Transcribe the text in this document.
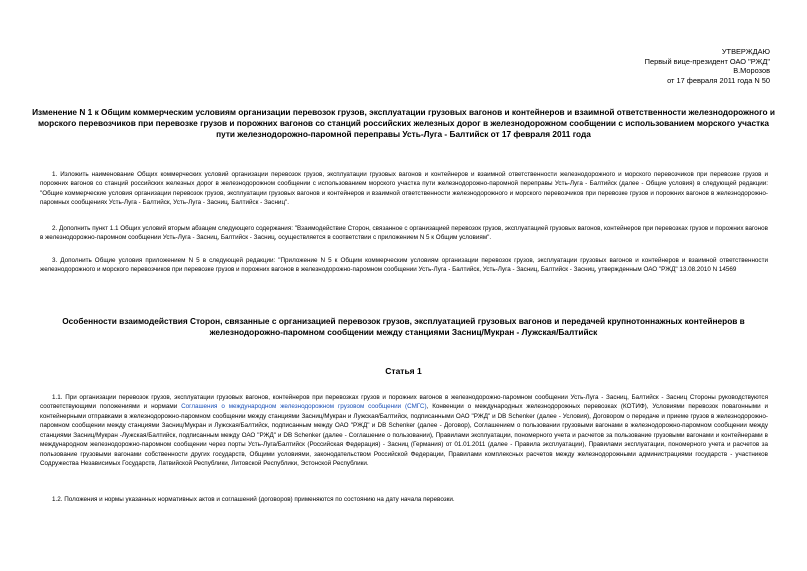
УТВЕРЖДАЮ
Первый вице-президент ОАО "РЖД"
В.Морозов
от 17 февраля 2011 года N 50
Изменение N 1 к Общим коммерческим условиям организации перевозок грузов, эксплуатации грузовых вагонов и контейнеров и взаимной ответственности железнодорожного и морского перевозчиков при перевозке грузов и порожних вагонов со станций российских железных дорог в железнодорожном сообщении с использованием морского участка пути железнодорожно-паромной переправы Усть-Луга - Балтийск от 17 февраля 2011 года

1. Изложить наименование Общих коммерческих условий организации перевозок грузов, эксплуатации грузовых вагонов и контейнеров и взаимной ответственности железнодорожного и морского перевозчиков при перевозке грузов и порожних вагонов со станций российских железных дорог в железнодорожном сообщении с использованием морского участка пути железнодорожно-паромной переправы Усть-Луга - Балтийск (далее - Общие условия) в следующей редакции: "Общие коммерческие условия организации перевозок грузов, эксплуатации грузовых вагонов и контейнеров и взаимной ответственности железнодорожного и морского перевозчиков при перевозке грузов и порожних вагонов в железнодорожно-паромных сообщениях Усть-Луга - Балтийск, Усть-Луга - Засниц, Балтийск - Засниц".

2. Дополнить пункт 1.1 Общих условий вторым абзацем следующего содержания: "Взаимодействие Сторон, связанное с организацией перевозок грузов, эксплуатацией грузовых вагонов, контейнеров при перевозках грузов и порожних вагонов в железнодорожно-паромном сообщении Усть-Луга - Засниц, Балтийск - Засниц, осуществляется в соответствии с приложением N 5 к Общим условиям".

3. Дополнить Общие условия приложением N 5 в следующей редакции: "Приложение N 5 к Общим коммерческим условиям организации перевозок грузов, эксплуатации грузовых вагонов и контейнеров и взаимной ответственности железнодорожного и морского перевозчиков при перевозке грузов и порожних вагонов в железнодорожно-паромном сообщении Усть-Луга - Балтийск, Усть-Луга - Засниц, Балтийск - Засниц, утвержденным ОАО "РЖД" 13.08.2010 N 14569

Особенности взаимодействия Сторон, связанные с организацией перевозок грузов, эксплуатацией грузовых вагонов и передачей крупнотоннажных контейнеров в железнодорожно-паромном сообщении между станциями Засниц/Мукран - Лужская/Балтийск
Статья 1

1.1. При организации перевозок грузов, эксплуатации грузовых вагонов, контейнеров при перевозках грузов и порожних вагонов в железнодорожно-паромном сообщении Усть-Луга - Засниц, Балтийск - Засниц Стороны руководствуются соответствующими положениями и нормами Соглашения о международном железнодорожном грузовом сообщении (СМГС), Конвенции о международных железнодорожных перевозках (КОТИФ), Условиями перевозок повагонными и контейнерными отправками в железнодорожно-паромном сообщении между станциями Засниц/Мукран и Лужская/Балтийск, подписанными ОАО "РЖД" и DB Schenker (далее - Условия), Договором о передаче и приеме грузов в железнодорожно-паромном сообщении между станциями Засниц/Мукран и Лужская/Балтийск, подписанным между ОАО "РЖД" и DB Schenker (далее - Договор), Соглашением о пользовании грузовыми вагонами в железнодорожно-паромном сообщении между станциями Засниц/Мукран -Лужская/Балтийск, подписанным между ОАО "РЖД" и DB Schenker (далее - Соглашение о пользовании), Правилами эксплуатации, пономерного учета и расчетов за пользование грузовыми вагонами и контейнерами в международном железнодорожно-паромном сообщении через порты Усть-Луга/Балтийск (Российская Федерация) - Засниц (Германия) от 01.01.2011 (далее - Правила эксплуатации), Правилами эксплуатации, пономерного учета и расчетов за пользование грузовыми вагонами собственности других государств, Общими условиями, законодательством Российской Федерации, Правилами комплексных расчетов между железнодорожными администрациями государств - участников Содружества Независимых Государств, Латвийской Республики, Литовской Республики, Эстонской Республики.

1.2. Положения и нормы указанных нормативных актов и соглашений (договоров) применяются по состоянию на дату начала перевозки.
